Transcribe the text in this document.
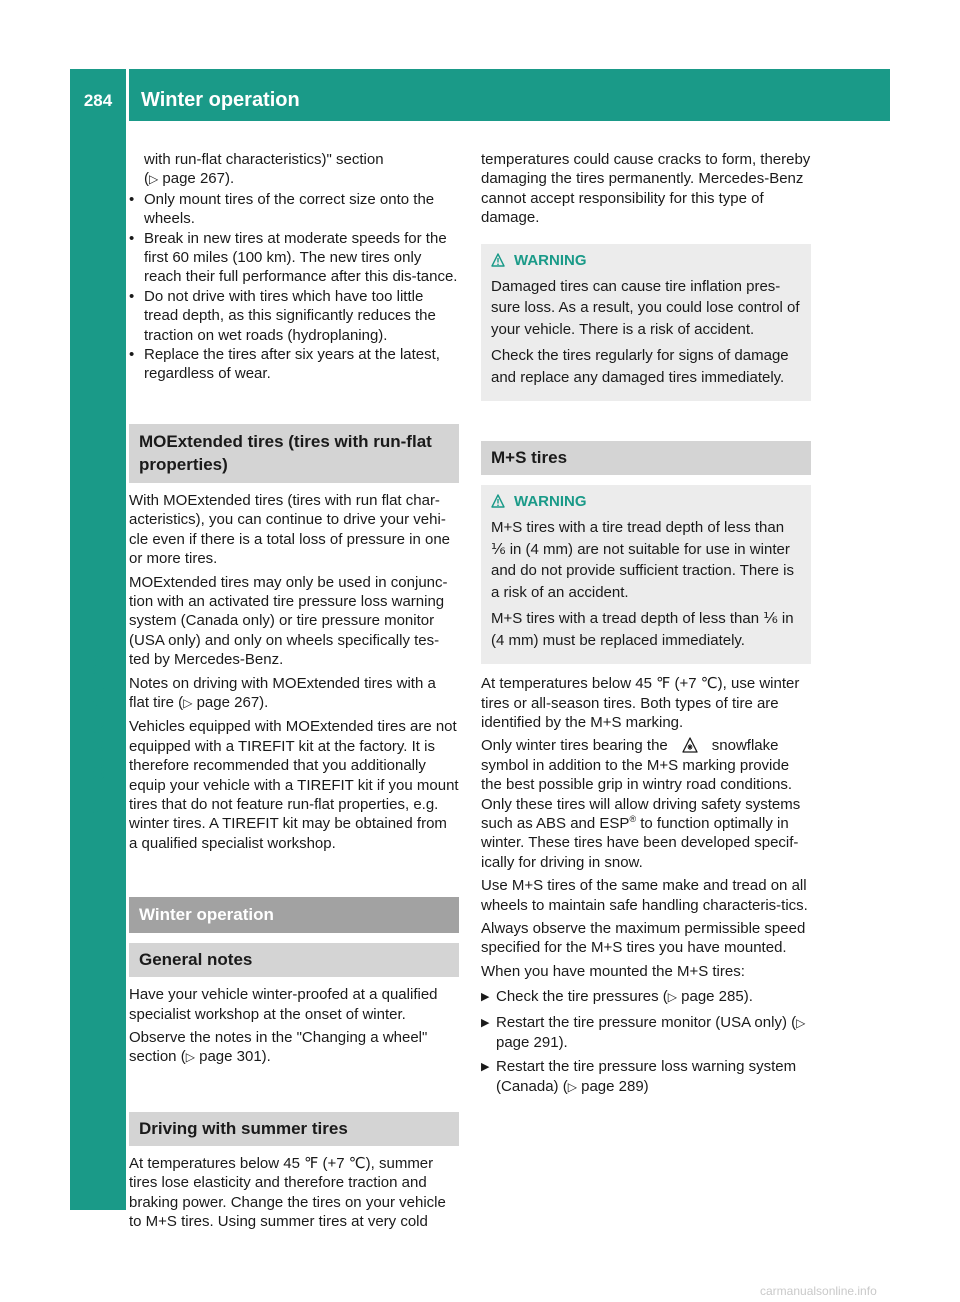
284	Winter operation
Wheels and tires

with run-flat characteristics)" section
(▷ page 267).

• Only mount tires of the correct size onto the wheels.
• Break in new tires at moderate speeds for the first 60 miles (100 km). The new tires only reach their full performance after this dis-tance.
• Do not drive with tires which have too little tread depth, as this significantly reduces the traction on wet roads (hydroplaning).
• Replace the tires after six years at the latest, regardless of wear.
MOExtended tires (tires with run-flat properties)

With MOExtended tires (tires with run flat char-acteristics), you can continue to drive your vehi-cle even if there is a total loss of pressure in one or more tires.

MOExtended tires may only be used in conjunc-tion with an activated tire pressure loss warning system (Canada only) or tire pressure monitor (USA only) and only on wheels specifically tes-ted by Mercedes-Benz.

Notes on driving with MOExtended tires with a flat tire (▷ page 267).

Vehicles equipped with MOExtended tires are not equipped with a TIREFIT kit at the factory. It is therefore recommended that you additionally equip your vehicle with a TIREFIT kit if you mount tires that do not feature run-flat properties, e.g. winter tires. A TIREFIT kit may be obtained from a qualified specialist workshop.

Winter operation
General notes

Have your vehicle winter-proofed at a qualified specialist workshop at the onset of winter.

Observe the notes in the "Changing a wheel" section (▷ page 301).

Driving with summer tires

At temperatures below 45 ℉ (+7 ℃), summer tires lose elasticity and therefore traction and braking power. Change the tires on your vehicle to M+S tires. Using summer tires at very cold

temperatures could cause cracks to form, thereby damaging the tires permanently. Mercedes-Benz cannot accept responsibility for this type of damage.

WARNING

Damaged tires can cause tire inflation pres-sure loss. As a result, you could lose control of your vehicle. There is a risk of accident.

Check the tires regularly for signs of damage and replace any damaged tires immediately.

M+S tires
WARNING

M+S tires with a tire tread depth of less than ⅙ in (4 mm) are not suitable for use in winter and do not provide sufficient traction. There is a risk of an accident.

M+S tires with a tread depth of less than ⅙ in (4 mm) must be replaced immediately.

At temperatures below 45 ℉ (+7 ℃), use winter tires or all-season tires. Both types of tire are identified by the M+S marking.

Only winter tires bearing the	snowflake symbol in addition to the M+S marking provide the best possible grip in wintry road conditions. Only these tires will allow driving safety systems such as ABS and ESP® to function optimally in winter. These tires have been developed specif-ically for driving in snow.

Use M+S tires of the same make and tread on all wheels to maintain safe handling characteris-tics.

Always observe the maximum permissible speed specified for the M+S tires you have mounted.

When you have mounted the M+S tires:

▶ Check the tire pressures (▷ page 285).
▶ Restart the tire pressure monitor (USA only) (▷ page 291).
▶ Restart the tire pressure loss warning system (Canada) (▷ page 289)
carmanualsonline.info
